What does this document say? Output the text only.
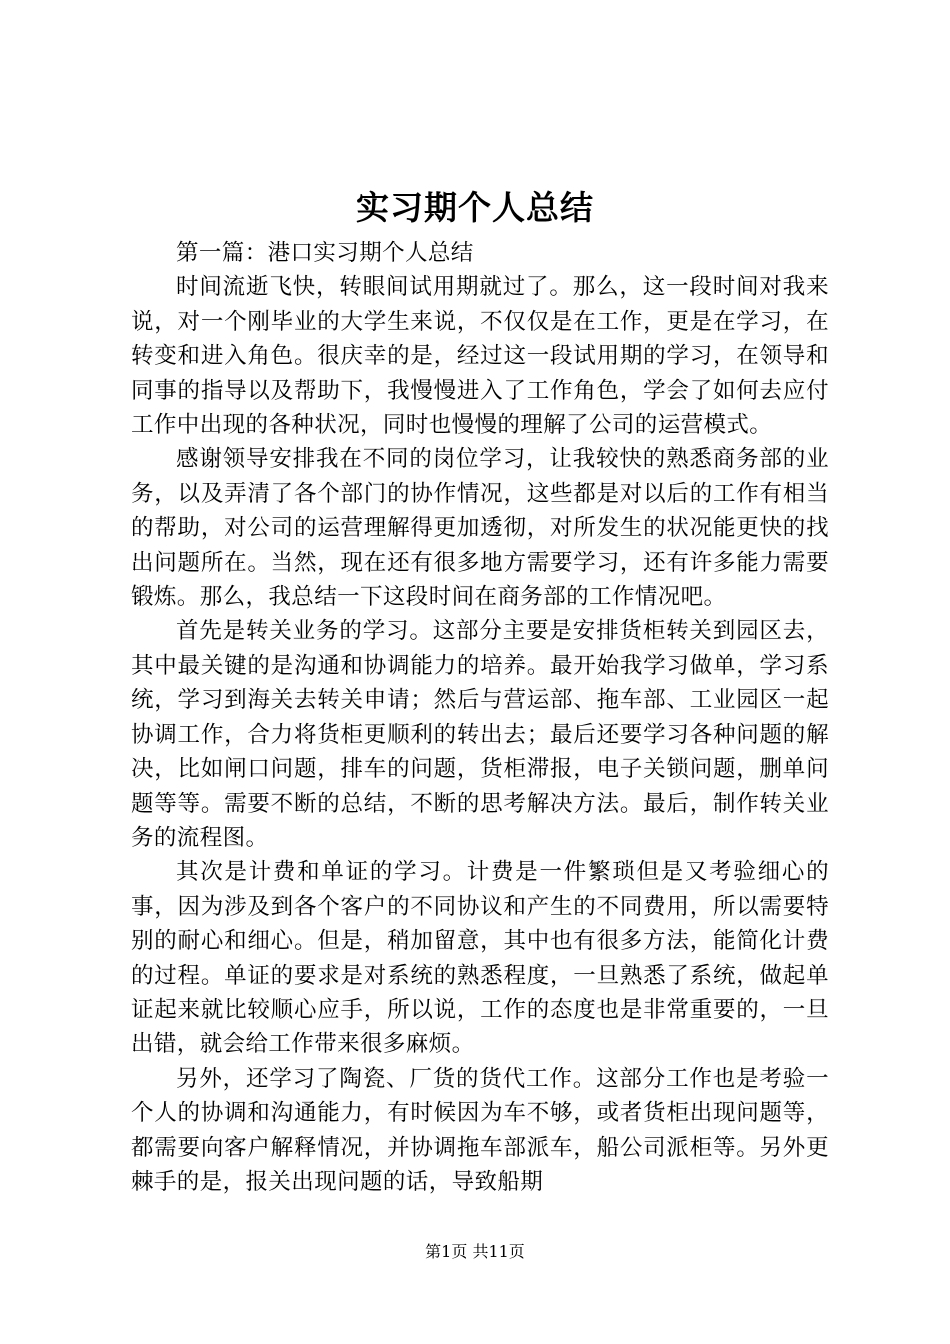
实习期个人总结

第一篇：港口实习期个人总结

时间流逝飞快，转眼间试用期就过了。那么，这一段时间对我来说，对一个刚毕业的大学生来说，不仅仅是在工作，更是在学习，在转变和进入角色。很庆幸的是，经过这一段试用期的学习，在领导和同事的指导以及帮助下，我慢慢进入了工作角色，学会了如何去应付工作中出现的各种状况，同时也慢慢的理解了公司的运营模式。

感谢领导安排我在不同的岗位学习，让我较快的熟悉商务部的业务，以及弄清了各个部门的协作情况，这些都是对以后的工作有相当的帮助，对公司的运营理解得更加透彻，对所发生的状况能更快的找出问题所在。当然，现在还有很多地方需要学习，还有许多能力需要锻炼。那么，我总结一下这段时间在商务部的工作情况吧。

首先是转关业务的学习。这部分主要是安排货柜转关到园区去，其中最关键的是沟通和协调能力的培养。最开始我学习做单，学习系统，学习到海关去转关申请；然后与营运部、拖车部、工业园区一起协调工作，合力将货柜更顺利的转出去；最后还要学习各种问题的解决，比如闸口问题，排车的问题，货柜滞报，电子关锁问题，删单问题等等。需要不断的总结，不断的思考解决方法。最后，制作转关业务的流程图。

其次是计费和单证的学习。计费是一件繁琐但是又考验细心的事，因为涉及到各个客户的不同协议和产生的不同费用，所以需要特别的耐心和细心。但是，稍加留意，其中也有很多方法，能简化计费的过程。单证的要求是对系统的熟悉程度，一旦熟悉了系统，做起单证起来就比较顺心应手，所以说，工作的态度也是非常重要的，一旦出错，就会给工作带来很多麻烦。

另外，还学习了陶瓷、厂货的货代工作。这部分工作也是考验一个人的协调和沟通能力，有时候因为车不够，或者货柜出现问题等，都需要向客户解释情况，并协调拖车部派车，船公司派柜等。另外更棘手的是，报关出现问题的话，导致船期

第1页 共11页
